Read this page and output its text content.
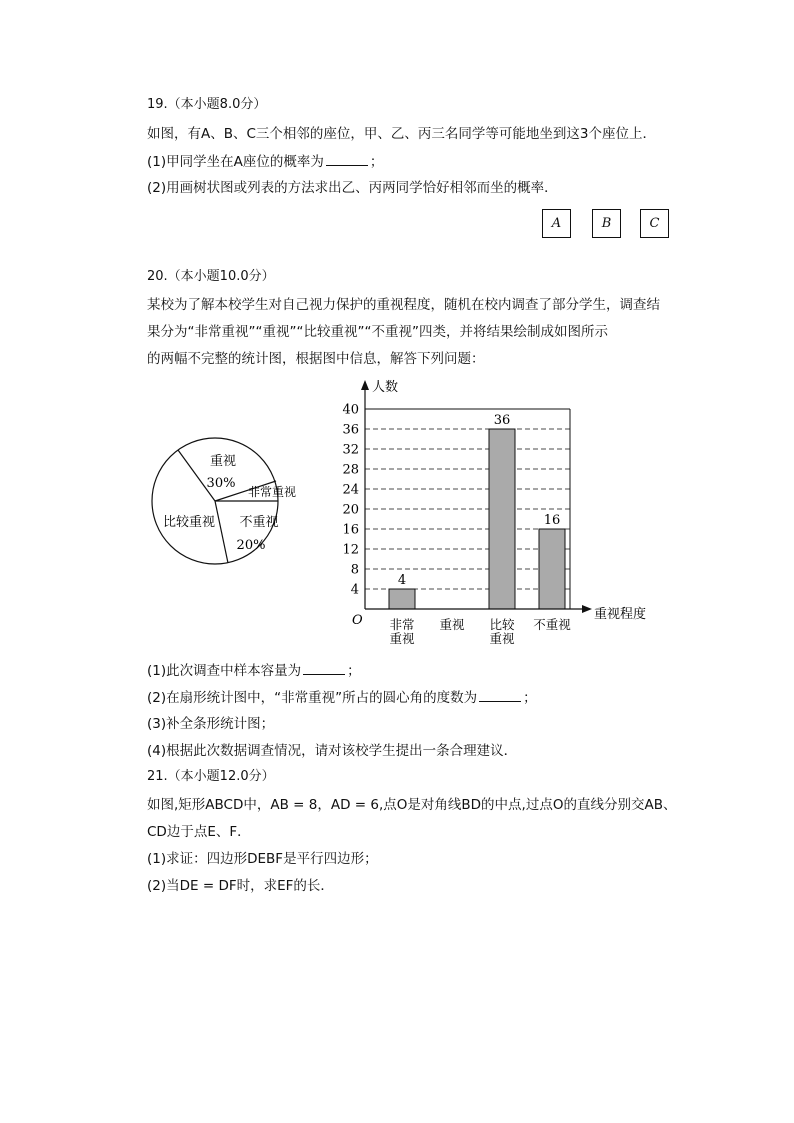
19.（本小题8.0分）
如图，有A、B、C三个相邻的座位，甲、乙、丙三名同学等可能地坐到这3个座位上．
(1)甲同学坐在A座位的概率为	；
(2)用画树状图或列表的方法求出乙、丙两同学恰好相邻而坐的概率．
A	B	C
20.（本小题10.0分）
某校为了解本校学生对自己视力保护的重视程度，随机在校内调查了部分学生，调查结
果分为“非常重视”“重视”“比较重视”“不重视”四类，并将结果绘制成如图所示
的两幅不完整的统计图，根据图中信息，解答下列问题：
重视
30%
非常重视
不重视
20%
比较重视
4
8
12
16
20
24
28
32
36
40
4
36
16
非常
重视
重视 比较
重视
不重视
人数
重视程度
O
(1)此次调查中样本容量为	；
(2)在扇形统计图中，“非常重视”所占的圆心角的度数为	；
(3)补全条形统计图；
(4)根据此次数据调查情况，请对该校学生提出一条合理建议．
21.（本小题12.0分）
如图,矩形ABCD中，AB = 8，AD = 6,点O是对角线BD的中点,过点O的直线分别交AB、
CD边于点E、F．
(1)求证：四边形DEBF是平行四边形；
(2)当DE = DF时，求EF的长．
